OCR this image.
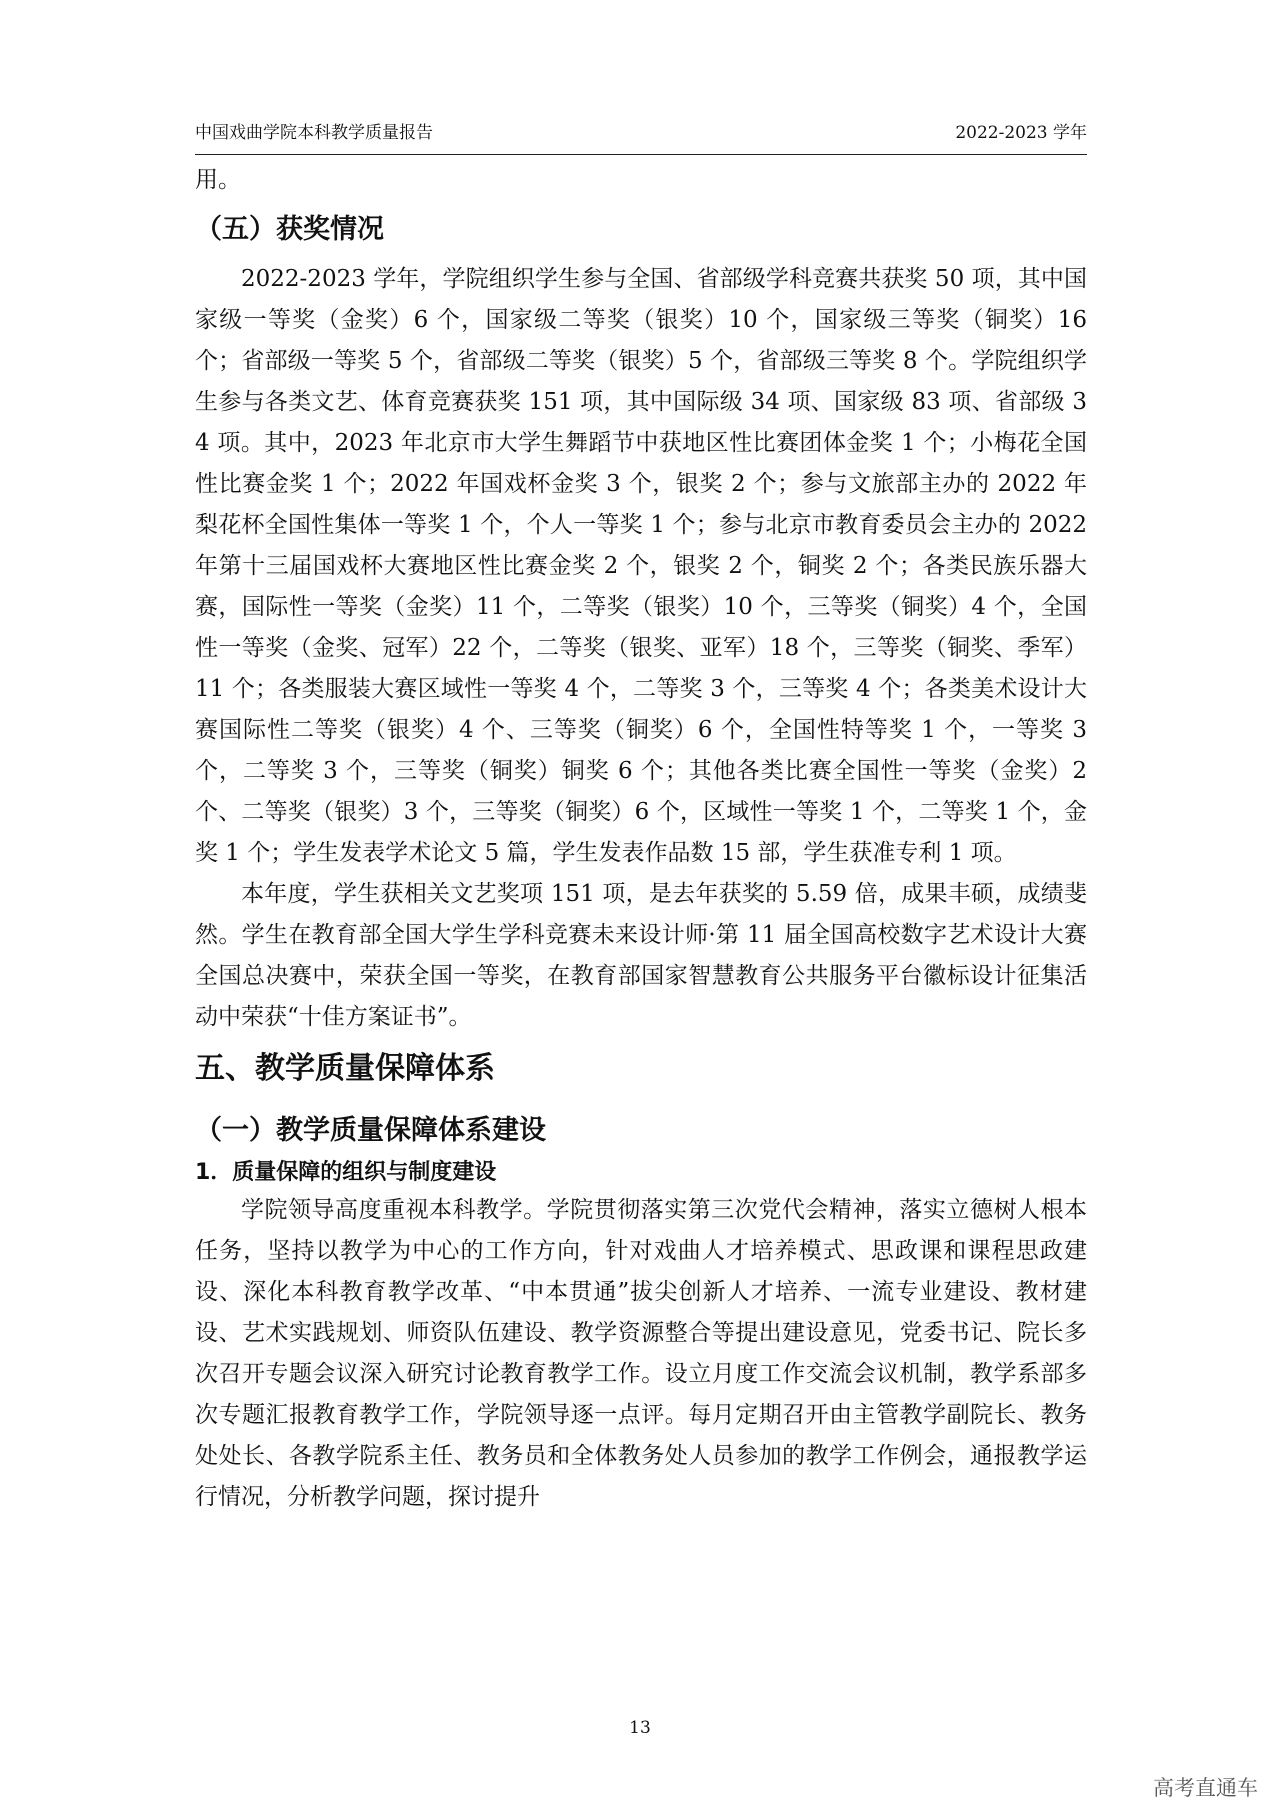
中国戏曲学院本科教学质量报告	2022-2023 学年

用。

（五）获奖情况

2022-2023 学年，学院组织学生参与全国、省部级学科竞赛共获奖 50 项，其中国家级一等奖（金奖）6 个，国家级二等奖（银奖）10 个，国家级三等奖（铜奖）16 个；省部级一等奖 5 个，省部级二等奖（银奖）5 个，省部级三等奖 8 个。学院组织学生参与各类文艺、体育竞赛获奖 151 项，其中国际级 34 项、国家级 83 项、省部级 34 项。其中，2023 年北京市大学生舞蹈节中获地区性比赛团体金奖 1 个；小梅花全国性比赛金奖 1 个；2022 年国戏杯金奖 3 个，银奖 2 个；参与文旅部主办的 2022 年梨花杯全国性集体一等奖 1 个，个人一等奖 1 个；参与北京市教育委员会主办的 2022 年第十三届国戏杯大赛地区性比赛金奖 2 个，银奖 2 个，铜奖 2 个；各类民族乐器大赛，国际性一等奖（金奖）11 个，二等奖（银奖）10 个，三等奖（铜奖）4 个，全国性一等奖（金奖、冠军）22 个，二等奖（银奖、亚军）18 个，三等奖（铜奖、季军）11 个；各类服装大赛区域性一等奖 4 个，二等奖 3 个，三等奖 4 个；各类美术设计大赛国际性二等奖（银奖）4 个、三等奖（铜奖）6 个，全国性特等奖 1 个，一等奖 3 个，二等奖 3 个，三等奖（铜奖）铜奖 6 个；其他各类比赛全国性一等奖（金奖）2 个、二等奖（银奖）3 个，三等奖（铜奖）6 个，区域性一等奖 1 个，二等奖 1 个，金奖 1 个；学生发表学术论文 5 篇，学生发表作品数 15 部，学生获准专利 1 项。

本年度，学生获相关文艺奖项 151 项，是去年获奖的 5.59 倍，成果丰硕，成绩斐然。学生在教育部全国大学生学科竞赛未来设计师·第 11 届全国高校数字艺术设计大赛全国总决赛中，荣获全国一等奖，在教育部国家智慧教育公共服务平台徽标设计征集活动中荣获“十佳方案证书”。

五、教学质量保障体系
（一）教学质量保障体系建设
1．质量保障的组织与制度建设

学院领导高度重视本科教学。学院贯彻落实第三次党代会精神，落实立德树人根本任务，坚持以教学为中心的工作方向，针对戏曲人才培养模式、思政课和课程思政建设、深化本科教育教学改革、“中本贯通”拔尖创新人才培养、一流专业建设、教材建设、艺术实践规划、师资队伍建设、教学资源整合等提出建设意见，党委书记、院长多次召开专题会议深入研究讨论教育教学工作。设立月度工作交流会议机制，教学系部多次专题汇报教育教学工作，学院领导逐一点评。每月定期召开由主管教学副院长、教务处处长、各教学院系主任、教务员和全体教务处人员参加的教学工作例会，通报教学运行情况，分析教学问题，探讨提升

13
高考直通车
